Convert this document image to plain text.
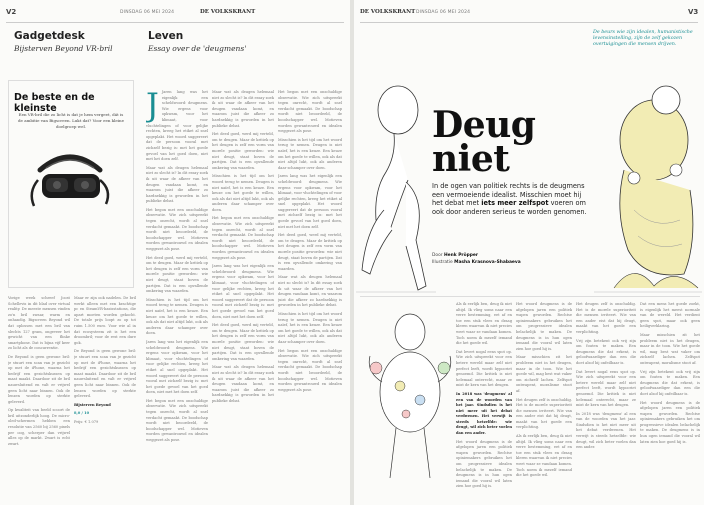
V2	DINSDAG 06 MEI 2024	DE VOLKSKRANT
Gadgetdesk
Bijsterven Beyond VR-bril
Leven
Essay over de 'deugmens'
De beste en de kleinste
Een VR-bril die zo licht is dat je hem vergeet, dát is de ambitie van Bigscreen. Lukt dat? Voor een kleine doelgroep wel.

Vorige week schreef Joost Schellevis in dit blad over virtual reality. De meeste mensen vinden zo'n bril zwaar, warm en onhandig. Bigscreen Beyond wil dat oplossen met een bril van slechts 127 gram, ongeveer het gewicht van een flinke smartphone. Dat is bijna vijf keer zo licht als de concurrentie.

De Beyond is geen gewone bril: je stuurt een scan van je gezicht op met de iPhone, waarna het bedrijf een gezichtskussen op maat maakt. Daardoor zit de bril nauwsluitend en valt er vrijwel geen licht naar binnen. Ook de lenzen worden op sterkte geleverd.

Op kwaliteit van beeld scoort de bril uitzonderlijk hoog. De micro-oled-schermen hebben een resolutie van 2560 bij 2560 pixels per oog, scherper dan vrijwel alles op de markt. Zwart is echt zwart.

Maar er zijn ook nadelen. De bril werkt alleen met een krachtige pc en SteamVR-basisstations, die apart moeten worden gekocht. De totale prijs loopt zo op tot ruim 1.500 euro. Voor wie al in dat ecosysteem zit is het een droombril; voor de rest een dure gok.

De Beyond is geen gewone bril: je stuurt een scan van je gezicht op met de iPhone, waarna het bedrijf een gezichtskussen op maat maakt. Daardoor zit de bril nauwsluitend en valt er vrijwel geen licht naar binnen. Ook de lenzen worden op sterkte geleverd.

Bijsterven Beyond

8,0 / 10

Prijs: € 1.079

J Jaren lang was het eigenlijk een scheldwoord: deugmens. Wie ergens voor opkwam, voor het klimaat, voor vluchtelingen of voor gelijke rechten, kreeg het etiket al snel opgeplakt. Het woord suggereert dat de persoon vooral met zichzelf bezig is: met het goede gevoel van het goed doen, niet met het doen zelf.

Maar wat als deugen helemaal niet zo slecht is? In dit essay zoek ik uit waar de afkeer van het deugen vandaan komt, en waarom juist die afkeer zo hardnekkig is geworden in het publieke debat.

Het begon met een onschuldige observatie. Wie zich uitspreekt tegen onrecht, wordt al snel verdacht gemaakt. De boodschap wordt niet beoordeeld, de boodschapper wel. Motieven worden gewantrouwd en idealen weggezet als pose.

Het deed goed, werd mij verteld, om te deugen. Maar de kritiek op het deugen is zelf een vorm van morele positie geworden: wie niet deugt, staat boven de partijen. Dat is een opvallende omkering van waarden.

Misschien is het tijd om het woord terug te nemen. Deugen is niet naïef, het is een keuze. Een keuze om het goede te willen, ook als dat niet altijd lukt, ook als anderen daar schamper over doen.

Jaren lang was het eigenlijk een scheldwoord: deugmens. Wie ergens voor opkwam, voor het klimaat, voor vluchtelingen of voor gelijke rechten, kreeg het etiket al snel opgeplakt. Het woord suggereert dat de persoon vooral met zichzelf bezig is: met het goede gevoel van het goed doen, niet met het doen zelf.

Het begon met een onschuldige observatie. Wie zich uitspreekt tegen onrecht, wordt al snel verdacht gemaakt. De boodschap wordt niet beoordeeld, de boodschapper wel. Motieven worden gewantrouwd en idealen weggezet als pose.

Maar wat als deugen helemaal niet zo slecht is? In dit essay zoek ik uit waar de afkeer van het deugen vandaan komt, en waarom juist die afkeer zo hardnekkig is geworden in het publieke debat.

Het deed goed, werd mij verteld, om te deugen. Maar de kritiek op het deugen is zelf een vorm van morele positie geworden: wie niet deugt, staat boven de partijen. Dat is een opvallende omkering van waarden.

Misschien is het tijd om het woord terug te nemen. Deugen is niet naïef, het is een keuze. Een keuze om het goede te willen, ook als dat niet altijd lukt, ook als anderen daar schamper over doen.

Het begon met een onschuldige observatie. Wie zich uitspreekt tegen onrecht, wordt al snel verdacht gemaakt. De boodschap wordt niet beoordeeld, de boodschapper wel. Motieven worden gewantrouwd en idealen weggezet als pose.

Jaren lang was het eigenlijk een scheldwoord: deugmens. Wie ergens voor opkwam, voor het klimaat, voor vluchtelingen of voor gelijke rechten, kreeg het etiket al snel opgeplakt. Het woord suggereert dat de persoon vooral met zichzelf bezig is: met het goede gevoel van het goed doen, niet met het doen zelf.

Het deed goed, werd mij verteld, om te deugen. Maar de kritiek op het deugen is zelf een vorm van morele positie geworden: wie niet deugt, staat boven de partijen. Dat is een opvallende omkering van waarden.

Maar wat als deugen helemaal niet zo slecht is? In dit essay zoek ik uit waar de afkeer van het deugen vandaan komt, en waarom juist die afkeer zo hardnekkig is geworden in het publieke debat.

Het begon met een onschuldige observatie. Wie zich uitspreekt tegen onrecht, wordt al snel verdacht gemaakt. De boodschap wordt niet beoordeeld, de boodschapper wel. Motieven worden gewantrouwd en idealen weggezet als pose.

Misschien is het tijd om het woord terug te nemen. Deugen is niet naïef, het is een keuze. Een keuze om het goede te willen, ook als dat niet altijd lukt, ook als anderen daar schamper over doen.

Jaren lang was het eigenlijk een scheldwoord: deugmens. Wie ergens voor opkwam, voor het klimaat, voor vluchtelingen of voor gelijke rechten, kreeg het etiket al snel opgeplakt. Het woord suggereert dat de persoon vooral met zichzelf bezig is: met het goede gevoel van het goed doen, niet met het doen zelf.

Het deed goed, werd mij verteld, om te deugen. Maar de kritiek op het deugen is zelf een vorm van morele positie geworden: wie niet deugt, staat boven de partijen. Dat is een opvallende omkering van waarden.

Maar wat als deugen helemaal niet zo slecht is? In dit essay zoek ik uit waar de afkeer van het deugen vandaan komt, en waarom juist die afkeer zo hardnekkig is geworden in het publieke debat.

Misschien is het tijd om het woord terug te nemen. Deugen is niet naïef, het is een keuze. Een keuze om het goede te willen, ook als dat niet altijd lukt, ook als anderen daar schamper over doen.

Het begon met een onschuldige observatie. Wie zich uitspreekt tegen onrecht, wordt al snel verdacht gemaakt. De boodschap wordt niet beoordeeld, de boodschapper wel. Motieven worden gewantrouwd en idealen weggezet als pose.

DE VOLKSKRANT DINSDAG 06 MEI 2024	V3
De beurs wie zijn idealen, humanistische levensinstelling, zijn de zelf gekozen overtuigingen die mensen drijven.
Deug
niet
In de ogen van politiek rechts is de deugmens een vermoeiende idealist. Misschien moet hij het debat met iets meer zelfspot voeren om ook door anderen serieus te worden genomen.
Door Henk Pröpper
Illustratie Masha Krasnova-Shabaeva

Als ik eerlijk ben, deug ik niet altijd. Ik vlieg soms naar een verre bestemming, eet af en toe een stuk vlees en draag kleren waarvan ik niet precies weet waar ze vandaan komen. Toch noem ik mezelf iemand die het goede wil.

Dat levert nogal eens spot op. Wie zich uitspreekt voor een betere wereld maar zelf niet perfect leeft, wordt hypocriet genoemd. Die kritiek is niet helemaal onterecht, maar ze mist de kern van het deugen.

In 2018 was 'deugmens' al een van de woorden van het jaar. Sindsdien is het niet meer uit het debat verdwenen. Het verwijt is steeds hetzelfde: wie deugt, wil zich beter voelen dan een ander.

Het woord deugmens is de afgelopen jaren een politiek wapen geworden. Rechtse opiniemakers gebruiken het om progressieve idealen belachelijk te maken. De deugmens is in hun ogen iemand die vooral wil laten zien hoe goed hij is.

Het woord deugmens is de afgelopen jaren een politiek wapen geworden. Rechtse opiniemakers gebruiken het om progressieve idealen belachelijk te maken. De deugmens is in hun ogen iemand die vooral wil laten zien hoe goed hij is.

Maar misschien zit het probleem niet in het deugen, maar in de toon. Wie het goede wil, mag best wat vaker om zichzelf lachen. Zelfspot ontwapent, moralisme stoot af.

Het deugen zelf is onschuldig. Het is de morele superioriteit die mensen irriteert. Wie van een ander eist dat hij deugt, maakt van het goede een verplichting.

Als ik eerlijk ben, deug ik niet altijd. Ik vlieg soms naar een verre bestemming, eet af en toe een stuk vlees en draag kleren waarvan ik niet precies weet waar ze vandaan komen. Toch noem ik mezelf iemand die het goede wil.

Het deugen zelf is onschuldig. Het is de morele superioriteit die mensen irriteert. Wie van een ander eist dat hij deugt, maakt van het goede een verplichting.

Vrij zijn betekent ook vrij zijn om fouten te maken. Een deugmens die dat erkent, is geloofwaardiger dan een die doet alsof hij onfeilbaar is.

Dat levert nogal eens spot op. Wie zich uitspreekt voor een betere wereld maar zelf niet perfect leeft, wordt hypocriet genoemd. Die kritiek is niet helemaal onterecht, maar ze mist de kern van het deugen.

In 2018 was 'deugmens' al een van de woorden van het jaar. Sindsdien is het niet meer uit het debat verdwenen. Het verwijt is steeds hetzelfde: wie deugt, wil zich beter voelen dan een ander.

Dat een mens het goede zoekt, is eigenlijk het meest normale van de wereld. Het verdient geen spot, maar ook geen heiligverklaring.

Maar misschien zit het probleem niet in het deugen, maar in de toon. Wie het goede wil, mag best wat vaker om zichzelf lachen. Zelfspot ontwapent, moralisme stoot af.

Vrij zijn betekent ook vrij zijn om fouten te maken. Een deugmens die dat erkent, is geloofwaardiger dan een die doet alsof hij onfeilbaar is.

Het woord deugmens is de afgelopen jaren een politiek wapen geworden. Rechtse opiniemakers gebruiken het om progressieve idealen belachelijk te maken. De deugmens is in hun ogen iemand die vooral wil laten zien hoe goed hij is.
